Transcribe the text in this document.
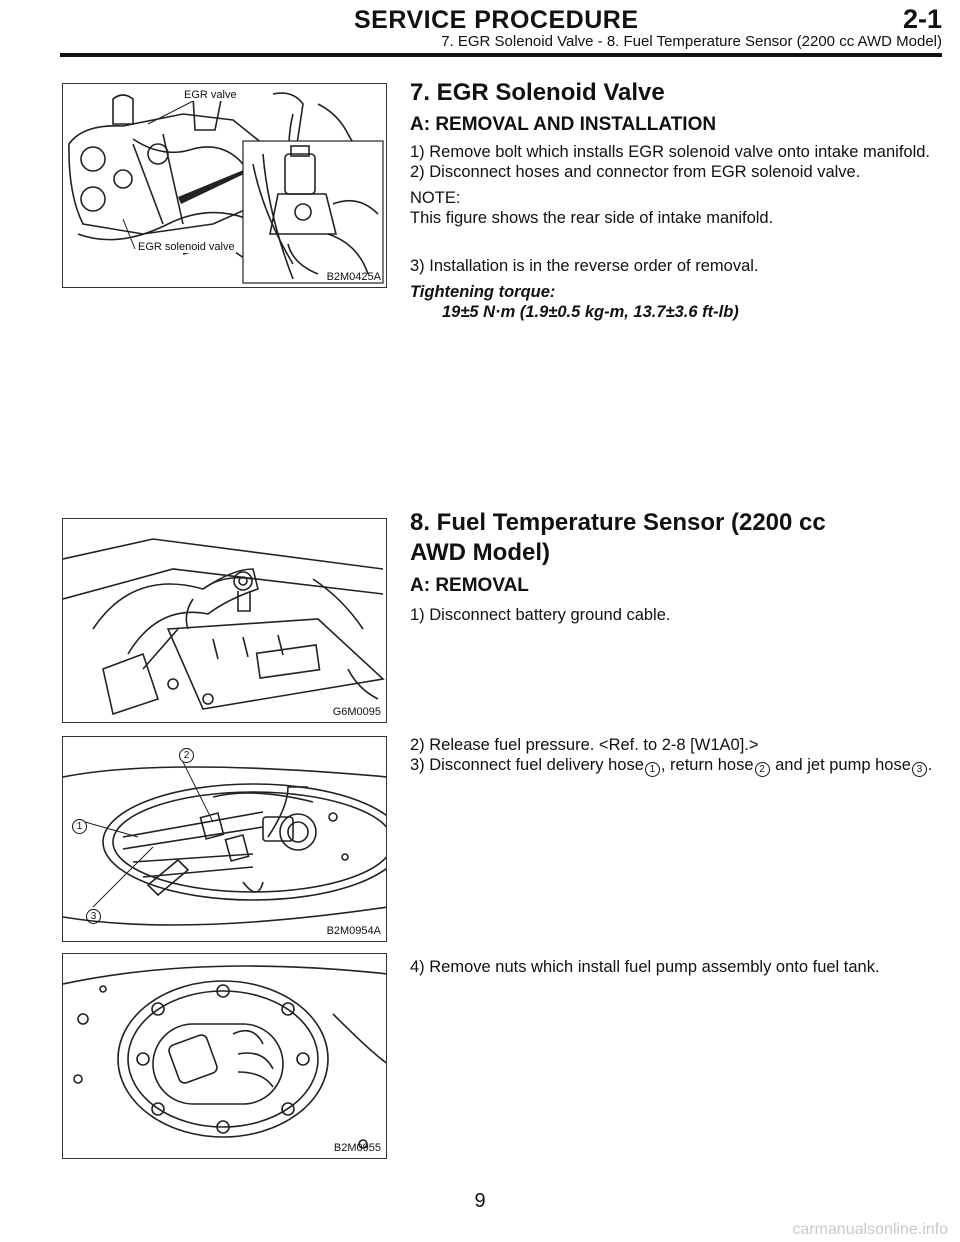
SERVICE PROCEDURE	2-1
7. EGR Solenoid Valve - 8. Fuel Temperature Sensor (2200 cc AWD Model)
EGR valve
EGR solenoid valve
B2M0425A
G6M0095
2
1
3
B2M0954A
B2M0955
7. EGR Solenoid Valve
A: REMOVAL AND INSTALLATION

1) Remove bolt which installs EGR solenoid valve onto intake manifold.

2) Disconnect hoses and connector from EGR solenoid valve.

NOTE:

This figure shows the rear side of intake manifold.

3) Installation is in the reverse order of removal.

Tightening torque:
19±5 N·m (1.9±0.5 kg-m, 13.7±3.6 ft-lb)
8. Fuel Temperature Sensor (2200 cc
AWD Model)
A: REMOVAL

1) Disconnect battery ground cable.

2) Release fuel pressure. <Ref. to 2-8 [W1A0].>

3) Disconnect fuel delivery hose 1 , return hose 2 and jet pump hose 3 .

4) Remove nuts which install fuel pump assembly onto fuel tank.

9
carmanualsonline.info
